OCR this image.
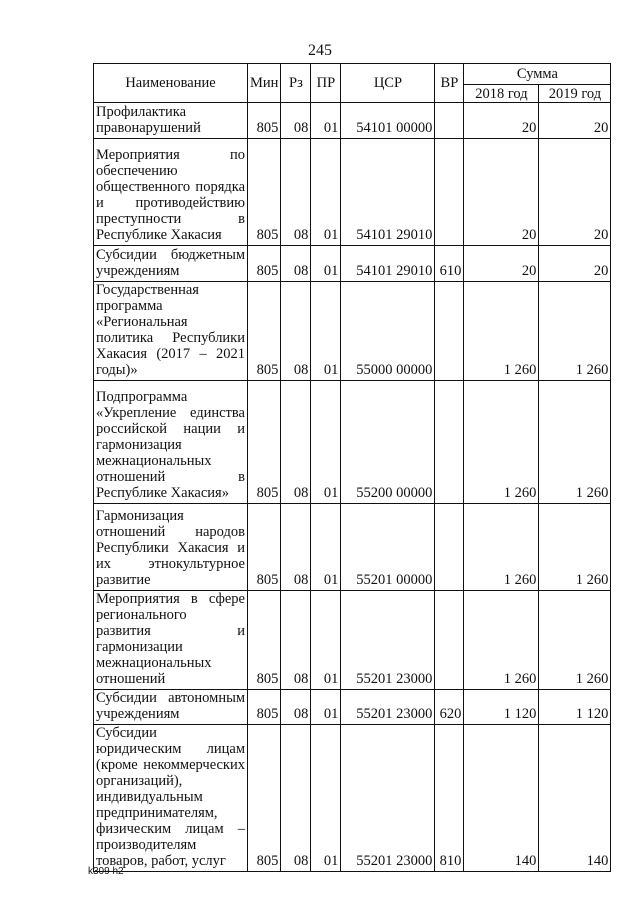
245
Наименование	Мин	Рз	ПР	ЦСР	ВР	Сумма	
						2018 год	2019 год
Профилактика правонарушений	805	08	01	54101 00000		20	20
Мероприятия по обеспечению общественного порядка и противодействию преступности в Республике Хакасия	805	08	01	54101 29010		20	20
Субсидии бюджетным учреждениям	805	08	01	54101 29010	610	20	20
Государственная программа «Региональная политика Республики Хакасия (2017 – 2021 годы)»	805	08	01	55000 00000		1 260	1 260
Подпрограмма «Укрепление единства российской нации и гармонизация межнациональных отношений в Республике Хакасия»	805	08	01	55200 00000		1 260	1 260
Гармонизация отношений народов Республики Хакасия и их этнокультурное развитие	805	08	01	55201 00000		1 260	1 260
Мероприятия в сфере регионального развития и гармонизации межнациональных отношений	805	08	01	55201 23000		1 260	1 260
Субсидии автономным учреждениям	805	08	01	55201 23000	620	1 120	1 120
Субсидии юридическим лицам (кроме некоммерческих организаций), индивидуальным предпринимателям, физическим лицам – производителям товаров, работ, услуг	805	08	01	55201 23000	810	140	140
k309 h2
